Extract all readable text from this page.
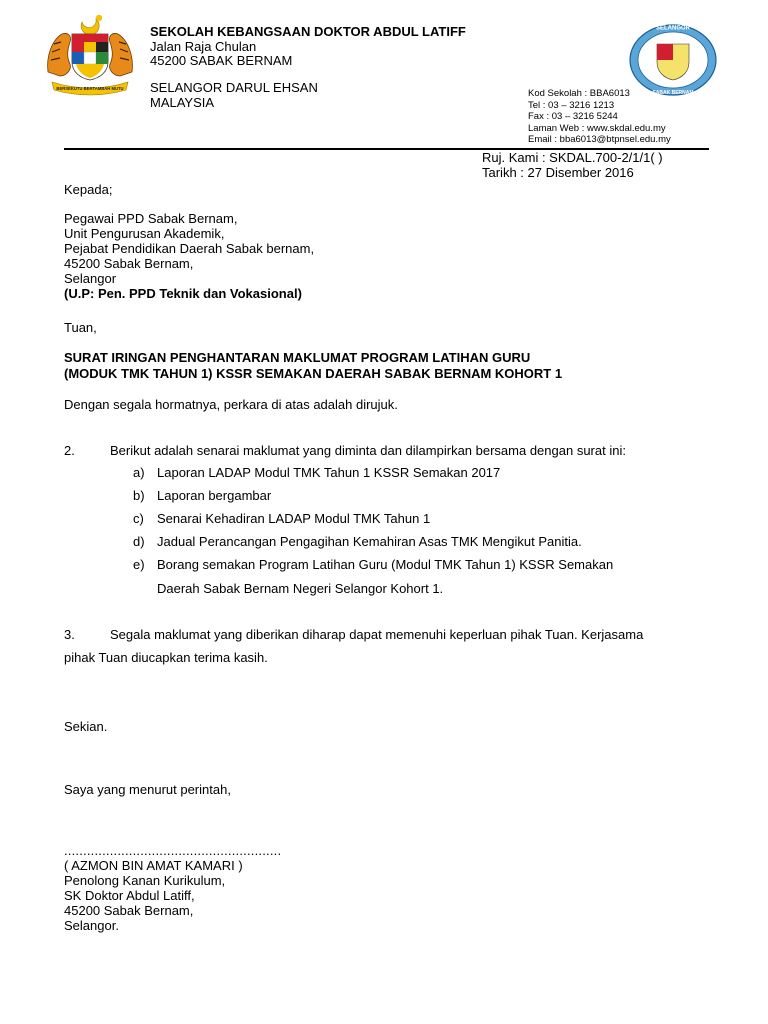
BERSEKUTU BERTAMBAH MUTU

SEKOLAH KEBANGSAAN DOKTOR ABDUL LATIFF

Jalan Raja Chulan

45200 SABAK BERNAM

SELANGOR DARUL EHSAN

MALAYSIA

SELANGOR
SABAK BERNAM
Kod Sekolah : BBA6013
Tel : 03 – 3216 1213
Fax : 03 – 3216 5244
Laman Web : www.skdal.edu.my
Email : bba6013@btpnsel.edu.my

Ruj. Kami : SKDAL.700-2/1/1( )

Tarikh : 27 Disember 2016

Kepada;

Pegawai PPD Sabak Bernam,
Unit Pengurusan Akademik,
Pejabat Pendidikan Daerah Sabak bernam,
45200 Sabak Bernam,
Selangor
(U.P: Pen. PPD Teknik dan Vokasional)

Tuan,

SURAT IRINGAN PENGHANTARAN MAKLUMAT PROGRAM LATIHAN GURU

(MODUK TMK TAHUN 1) KSSR SEMAKAN DAERAH SABAK BERNAM KOHORT 1

Dengan segala hormatnya, perkara di atas adalah dirujuk.

2.	Berikut adalah senarai maklumat yang diminta dan dilampirkan bersama dengan surat ini:

a) Laporan LADAP Modul TMK Tahun 1 KSSR Semakan 2017
b) Laporan bergambar
c) Senarai Kehadiran LADAP Modul TMK Tahun 1
d) Jadual Perancangan Pengagihan Kemahiran Asas TMK Mengikut Panitia.
e) Borang semakan Program Latihan Guru (Modul TMK Tahun 1) KSSR Semakan
Daerah Sabak Bernam Negeri Selangor Kohort 1.

3.	Segala maklumat yang diberikan diharap dapat memenuhi keperluan pihak Tuan. Kerjasama

pihak Tuan diucapkan terima kasih.

Sekian.

Saya yang menurut perintah,

.........................................................

( AZMON BIN AMAT KAMARI )

Penolong Kanan Kurikulum,
SK Doktor Abdul Latiff,
45200 Sabak Bernam,
Selangor.
